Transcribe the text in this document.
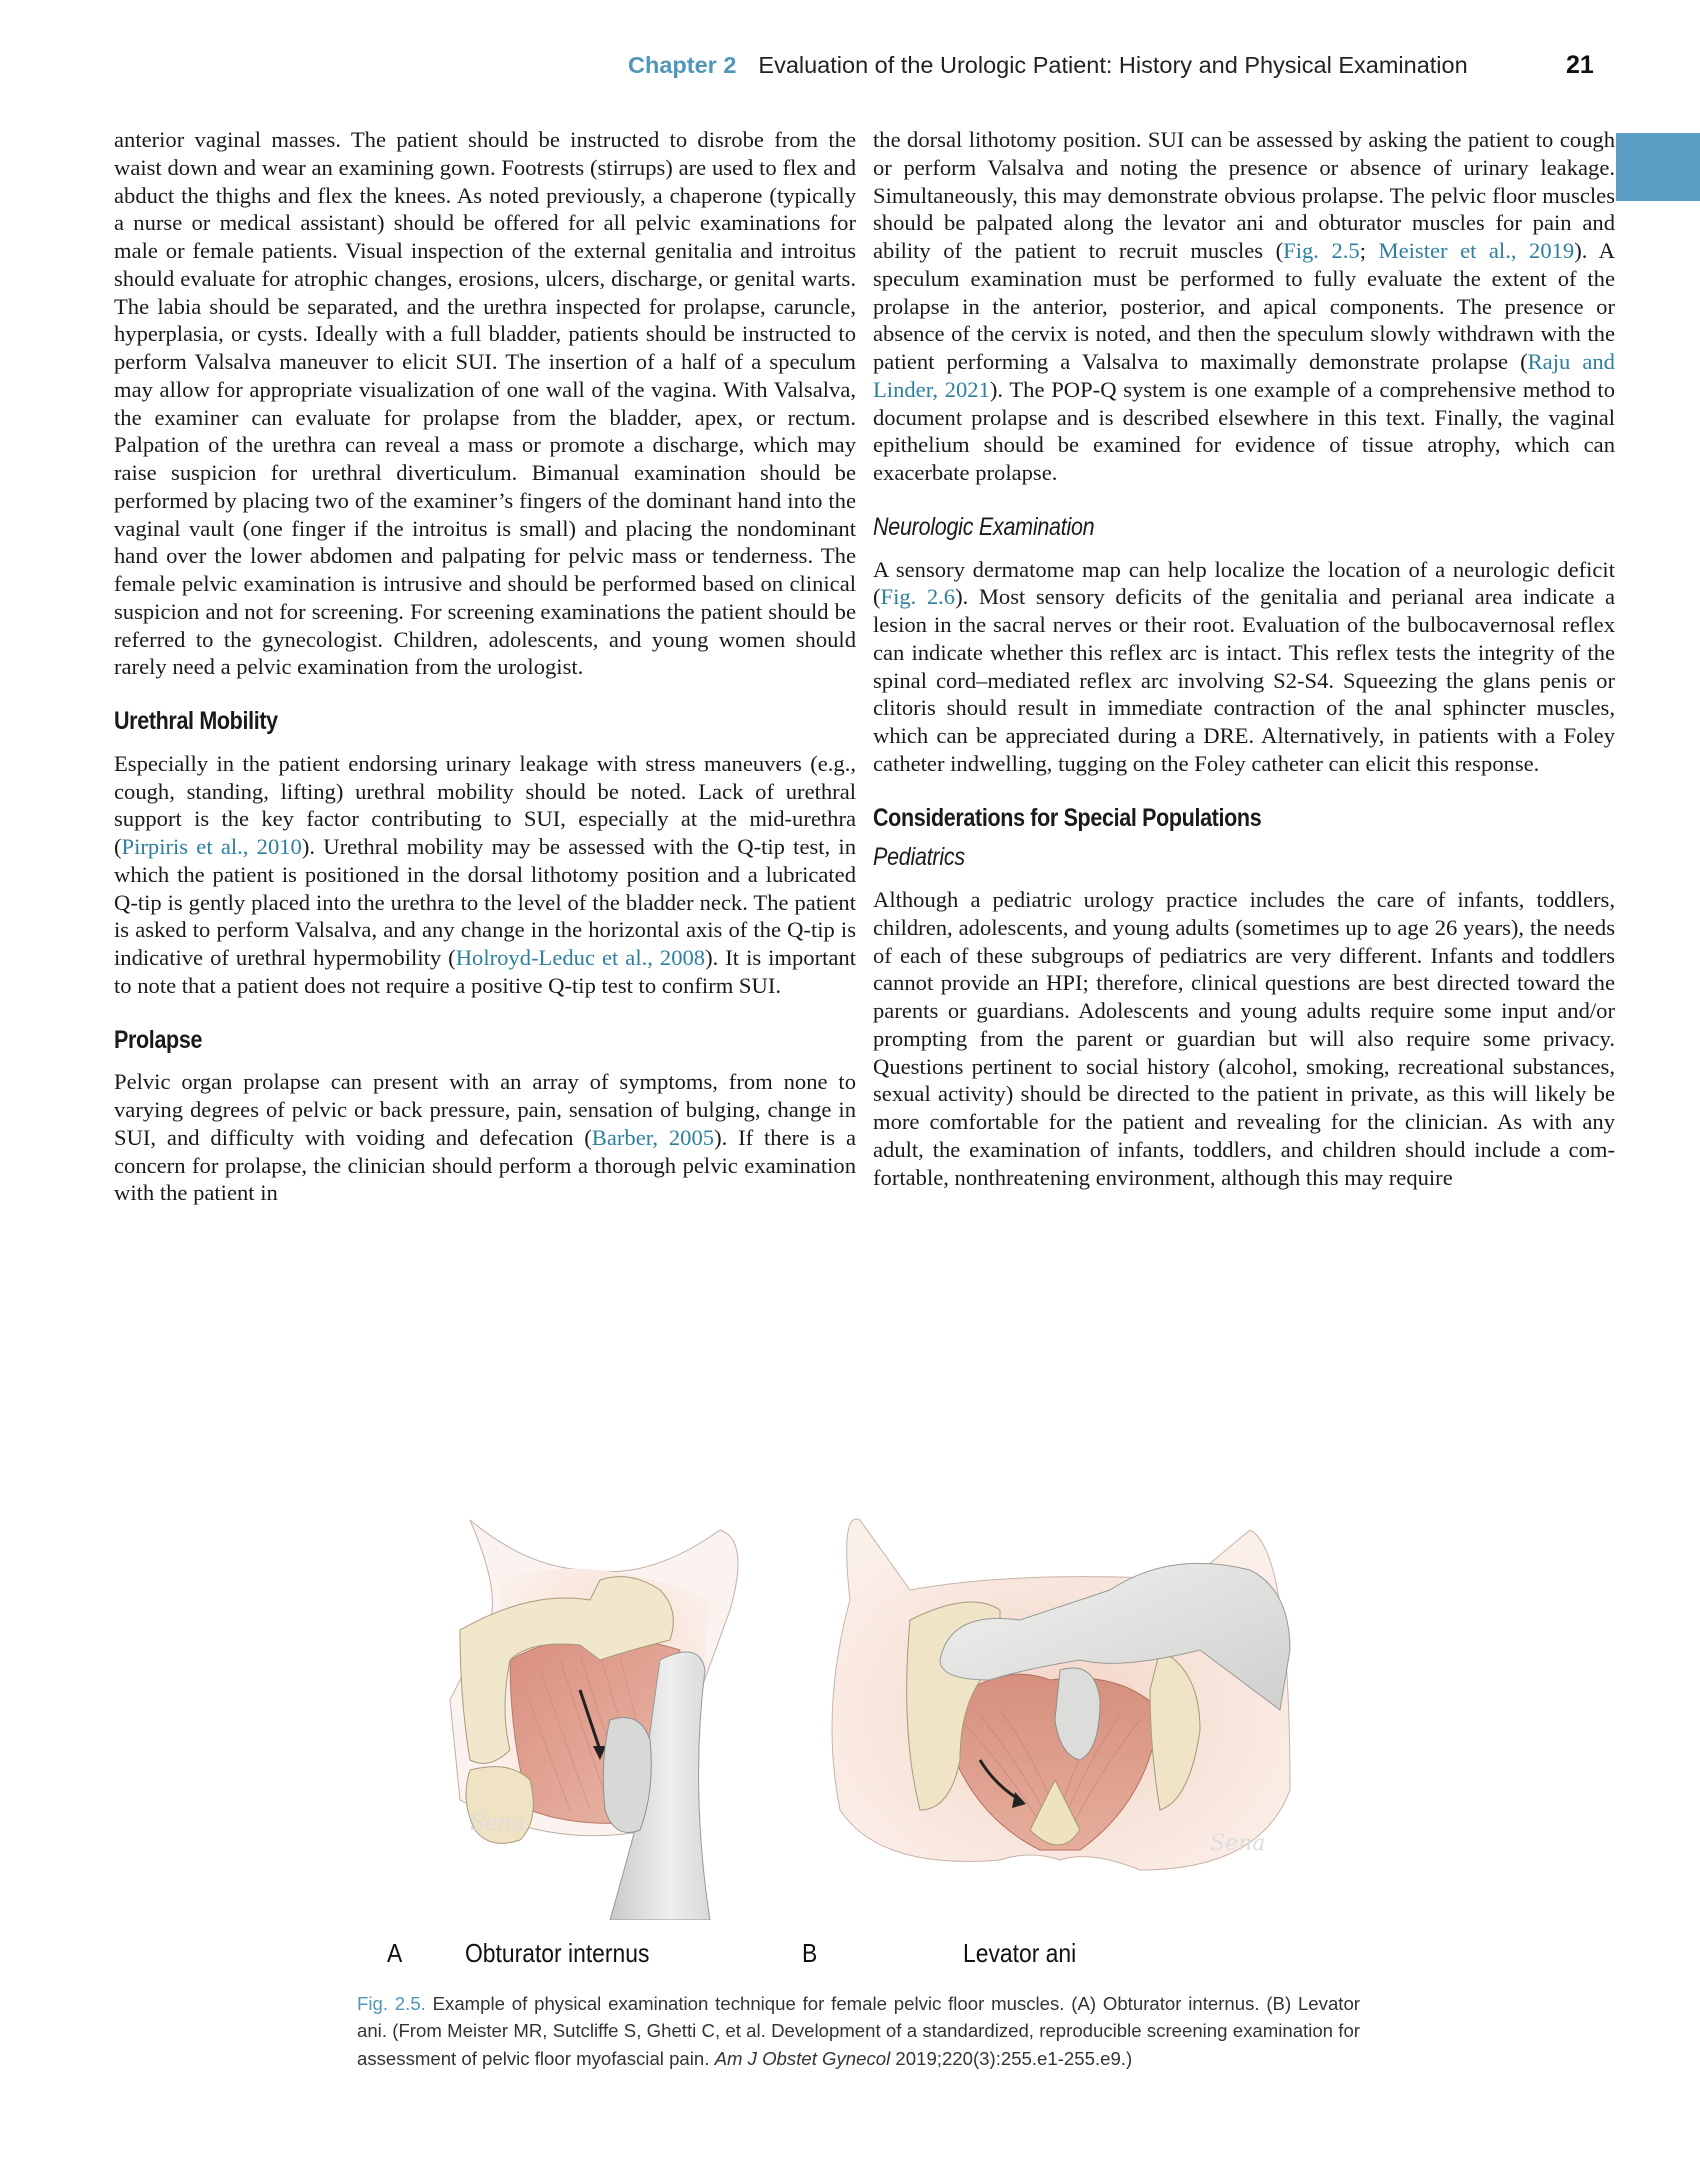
Chapter 2 Evaluation of the Urologic Patient: History and Physical Examination	21

anterior vaginal masses. The patient should be instructed to disrobe from the waist down and wear an examining gown. Footrests (stirrups) are used to flex and abduct the thighs and flex the knees. As noted previously, a chaperone (typically a nurse or medical assistant) should be offered for all pelvic examinations for male or female patients. Visual inspection of the external genitalia and introitus should evaluate for atrophic changes, erosions, ulcers, discharge, or genital warts. The labia should be separated, and the urethra inspected for prolapse, caruncle, hyperplasia, or cysts. Ideally with a full bladder, patients should be instructed to perform Valsalva maneuver to elicit SUI. The insertion of a half of a speculum may allow for appropriate visualization of one wall of the vagina. With Valsalva, the examiner can evaluate for prolapse from the bladder, apex, or rectum. Palpation of the urethra can reveal a mass or promote a discharge, which may raise suspicion for urethral diverticulum. Bimanual examination should be performed by placing two of the examiner’s fingers of the dominant hand into the vaginal vault (one finger if the introitus is small) and placing the nondominant hand over the lower abdomen and palpating for pelvic mass or tenderness. The female pelvic examination is intrusive and should be performed based on clinical suspicion and not for screening. For screening examinations the patient should be referred to the gynecologist. Children, adolescents, and young women should rarely need a pelvic examination from the urologist.

Urethral Mobility

Especially in the patient endorsing urinary leakage with stress maneuvers (e.g., cough, standing, lifting) urethral mobility should be noted. Lack of urethral support is the key factor contributing to SUI, especially at the mid-urethra (Pirpiris et al., 2010). Urethral mobility may be assessed with the Q-tip test, in which the patient is positioned in the dorsal lithotomy position and a lubricated Q-tip is gently placed into the urethra to the level of the bladder neck. The patient is asked to perform Valsalva, and any change in the horizontal axis of the Q-tip is indicative of urethral hypermobility (Holroyd-Leduc et al., 2008). It is important to note that a patient does not require a positive Q-tip test to confirm SUI.

Prolapse

Pelvic organ prolapse can present with an array of symptoms, from none to varying degrees of pelvic or back pressure, pain, sensation of bulging, change in SUI, and difficulty with voiding and defecation (Barber, 2005). If there is a concern for prolapse, the clinician should perform a thorough pelvic examination with the patient in

the dorsal lithotomy position. SUI can be assessed by asking the patient to cough or perform Valsalva and noting the presence or absence of urinary leakage. Simultaneously, this may demonstrate obvious prolapse. The pelvic floor muscles should be palpated along the levator ani and obturator muscles for pain and ability of the patient to recruit muscles (Fig. 2.5; Meister et al., 2019). A speculum examination must be performed to fully evaluate the extent of the prolapse in the anterior, posterior, and apical components. The presence or absence of the cervix is noted, and then the speculum slowly withdrawn with the patient performing a Valsalva to maximally demonstrate prolapse (Raju and Linder, 2021). The POP-Q system is one example of a comprehensive method to document prolapse and is described elsewhere in this text. Finally, the vaginal epithelium should be examined for evidence of tissue atrophy, which can exacerbate prolapse.

Neurologic Examination

A sensory dermatome map can help localize the location of a neurologic deficit (Fig. 2.6). Most sensory deficits of the genitalia and perianal area indicate a lesion in the sacral nerves or their root. Evaluation of the bulbocavernosal reflex can indicate whether this reflex arc is intact. This reflex tests the integrity of the spinal cord–mediated reflex arc involving S2-S4. Squeezing the glans penis or clitoris should result in immediate contraction of the anal sphincter muscles, which can be appreciated during a DRE. Alternatively, in patients with a Foley catheter indwelling, tugging on the Foley catheter can elicit this response.

Considerations for Special Populations
Pediatrics

Although a pediatric urology practice includes the care of infants, toddlers, children, adolescents, and young adults (sometimes up to age 26 years), the needs of each of these subgroups of pediatrics are very different. Infants and toddlers cannot provide an HPI; therefore, clinical questions are best directed toward the parents or guardians. Adolescents and young adults require some input and/or prompting from the parent or guardian but will also require some privacy. Questions pertinent to social history (alcohol, smoking, recreational substances, sexual activity) should be directed to the patient in private, as this will likely be more comfortable for the patient and revealing for the clinician. As with any adult, the examination of infants, toddlers, and children should include a comfortable, nonthreatening environment, although this may require

Sena
Sena
A Obturator internus	B	Levator ani
Fig. 2.5. Example of physical examination technique for female pelvic floor muscles. (A) Obturator internus. (B) Levator ani. (From Meister MR, Sutcliffe S, Ghetti C, et al. Development of a standardized, reproducible screening examination for assessment of pelvic floor myofascial pain. Am J Obstet Gynecol 2019;220(3):255.e1-255.e9.)
